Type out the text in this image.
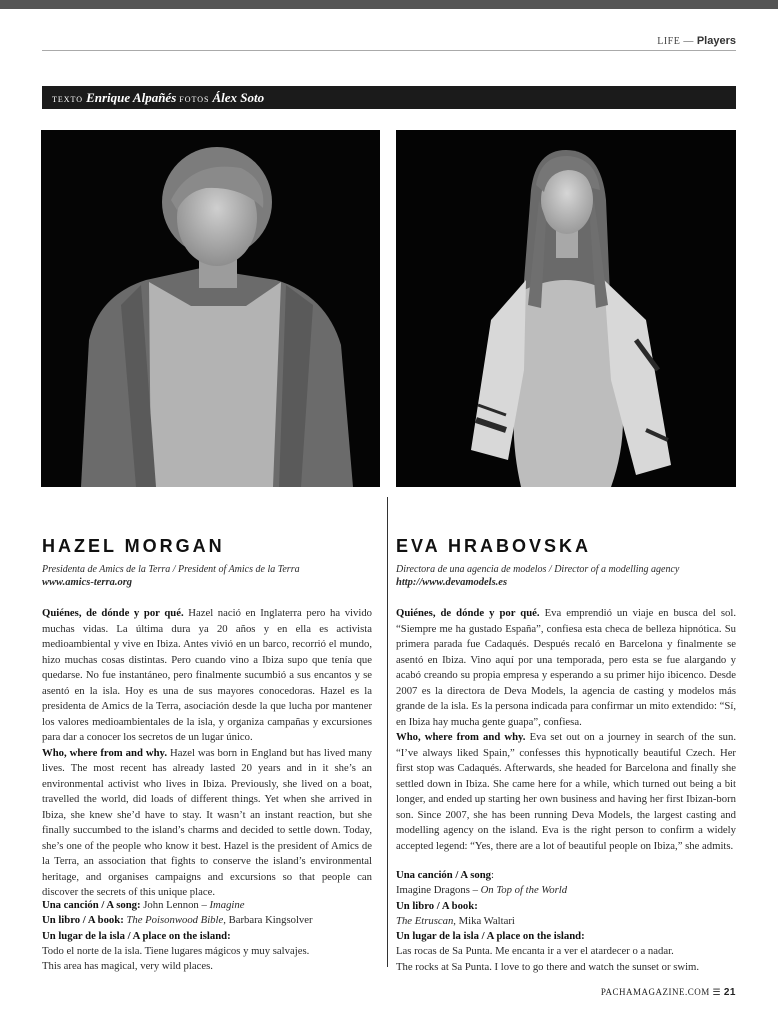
LIFE — Players
TEXTO Enrique Alpañés FOTOS Álex Soto
HAZEL MORGAN
Presidenta de Amics de la Terra / President of Amics de la Terra
www.amics-terra.org

Quiénes, de dónde y por qué. Hazel nació en Inglaterra pero ha vivido muchas vidas. La última dura ya 20 años y en ella es activista medioambiental y vive en Ibiza. Antes vivió en un barco, recorrió el mundo, hizo muchas cosas distintas. Pero cuando vino a Ibiza supo que tenía que quedarse. No fue instantáneo, pero finalmente sucumbió a sus encantos y se asentó en la isla. Hoy es una de sus mayores conocedoras. Hazel es la presidenta de Amics de la Terra, asociación desde la que lucha por mantener los valores medioambientales de la isla, y organiza campañas y excursiones para dar a conocer los secretos de un lugar único.

Who, where from and why. Hazel was born in England but has lived many lives. The most recent has already lasted 20 years and in it she’s an environmental activist who lives in Ibiza. Previously, she lived on a boat, travelled the world, did loads of different things. Yet when she arrived in Ibiza, she knew she’d have to stay. It wasn’t an instant reaction, but she finally succumbed to the island’s charms and decided to settle down. Today, she’s one of the people who know it best. Hazel is the president of Amics de la Terra, an association that fights to conserve the island’s environmental heritage, and organises campaigns and excursions so that people can discover the secrets of this unique place.

Una canción / A song: John Lennon – Imagine
Un libro / A book: The Poisonwood Bible, Barbara Kingsolver
Un lugar de la isla / A place on the island:
Todo el norte de la isla. Tiene lugares mágicos y muy salvajes.
This area has magical, very wild places.
EVA HRABOVSKA
Directora de una agencia de modelos / Director of a modelling agency
http://www.devamodels.es

Quiénes, de dónde y por qué. Eva emprendió un viaje en busca del sol. “Siempre me ha gustado España”, confiesa esta checa de belleza hipnótica. Su primera parada fue Cadaqués. Después recaló en Barcelona y finalmente se asentó en Ibiza. Vino aquí por una temporada, pero esta se fue alargando y acabó creando su propia empresa y esperando a su primer hijo ibicenco. Desde 2007 es la directora de Deva Models, la agencia de casting y modelos más grande de la isla. Es la persona indicada para confirmar un mito extendido: “Sí, en Ibiza hay mucha gente guapa”, confiesa.

Who, where from and why. Eva set out on a journey in search of the sun. “I’ve always liked Spain,” confesses this hypnotically beautiful Czech. Her first stop was Cadaqués. Afterwards, she headed for Barcelona and finally she settled down in Ibiza. She came here for a while, which turned out being a bit longer, and ended up starting her own business and having her first Ibizan-born son. Since 2007, she has been running Deva Models, the largest casting and modelling agency on the island. Eva is the right person to confirm a widely accepted legend: “Yes, there are a lot of beautiful people on Ibiza,” she admits.

Una canción / A song:
Imagine Dragons – On Top of the World
Un libro / A book:
The Etruscan, Mika Waltari
Un lugar de la isla / A place on the island:
Las rocas de Sa Punta. Me encanta ir a ver el atardecer o a nadar.
The rocks at Sa Punta. I love to go there and watch the sunset or swim.
PACHAMAGAZINE.COM ☰ 21
